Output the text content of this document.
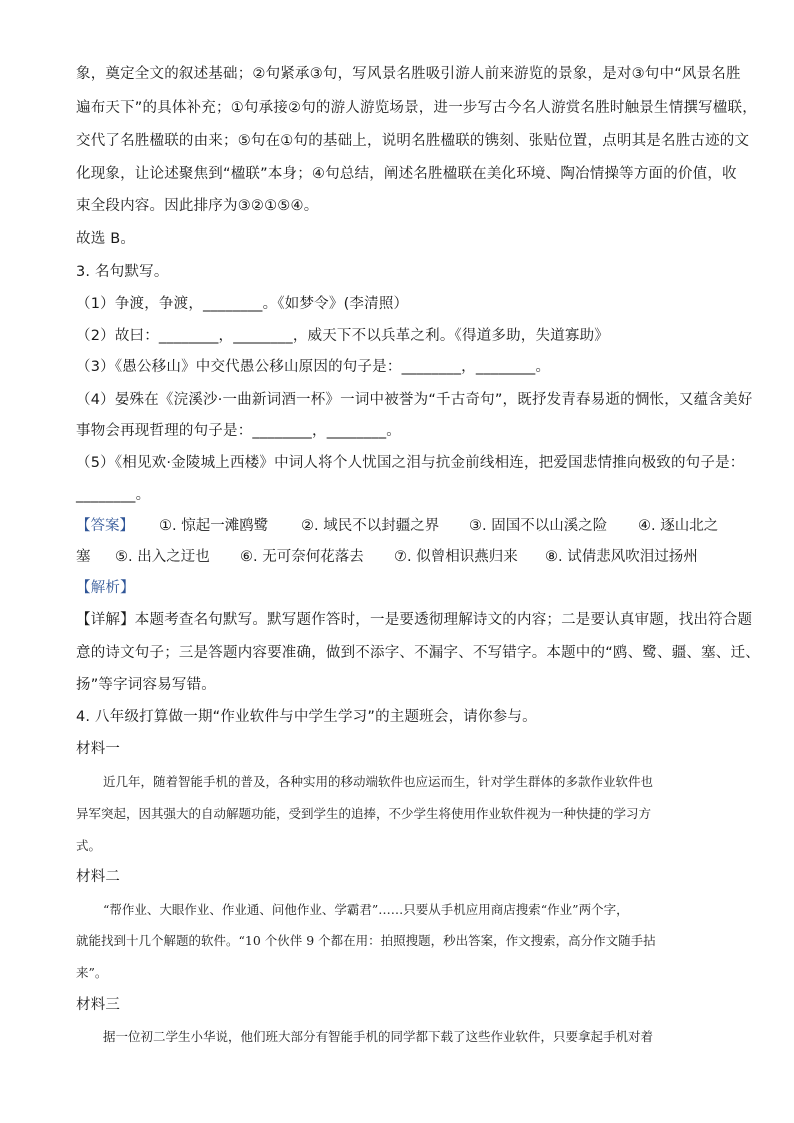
象，奠定全文的叙述基础；②句紧承③句，写风景名胜吸引游人前来游览的景象，是对③句中“风景名胜
遍布天下”的具体补充；①句承接②句的游人游览场景，进一步写古今名人游赏名胜时触景生情撰写楹联，
交代了名胜楹联的由来；⑤句在①句的基础上，说明名胜楹联的镌刻、张贴位置，点明其是名胜古迹的文
化现象，让论述聚焦到“楹联”本身；④句总结，阐述名胜楹联在美化环境、陶冶情操等方面的价值，收
束全段内容。因此排序为③②①⑤④。
故选 B。
3. 名句默写。
（1）争渡，争渡，________。《如梦令》(李清照）
（2）故曰：________，________，威天下不以兵革之利。《得道多助，失道寡助》
（3）《愚公移山》中交代愚公移山原因的句子是：________，________。
（4）晏殊在《浣溪沙·一曲新词酒一杯》一词中被誉为“千古奇句”，既抒发青春易逝的惆怅，又蕴含美好
事物会再现哲理的句子是：________，________。
（5）《相见欢·金陵城上西楼》中词人将个人忧国之泪与抗金前线相连，把爱国悲情推向极致的句子是：
________。
【答案】 ①. 惊起一滩鸥鹭 ②. 域民不以封疆之界 ③. 固国不以山溪之险 ④. 逐山北之
塞 ⑤. 出入之迂也 ⑥. 无可奈何花落去 ⑦. 似曾相识燕归来 ⑧. 试倩悲风吹泪过扬州
【解析】
【详解】本题考查名句默写。默写题作答时，一是要透彻理解诗文的内容；二是要认真审题，找出符合题
意的诗文句子；三是答题内容要准确，做到不添字、不漏字、不写错字。本题中的“鸥、鹭、疆、塞、迁、
扬”等字词容易写错。
4. 八年级打算做一期“作业软件与中学生学习”的主题班会，请你参与。
材料一
近几年，随着智能手机的普及，各种实用的移动端软件也应运而生，针对学生群体的多款作业软件也
异军突起，因其强大的自动解题功能，受到学生的追捧，不少学生将使用作业软件视为一种快捷的学习方
式。
材料二
“帮作业、大眼作业、作业通、问他作业、学霸君”……只要从手机应用商店搜索“作业”两个字，
就能找到十几个解题的软件。“10 个伙伴 9 个都在用：拍照搜题，秒出答案，作文搜索，高分作文随手拈
来”。
材料三
据一位初二学生小华说，他们班大部分有智能手机的同学都下载了这些作业软件，只要拿起手机对着
